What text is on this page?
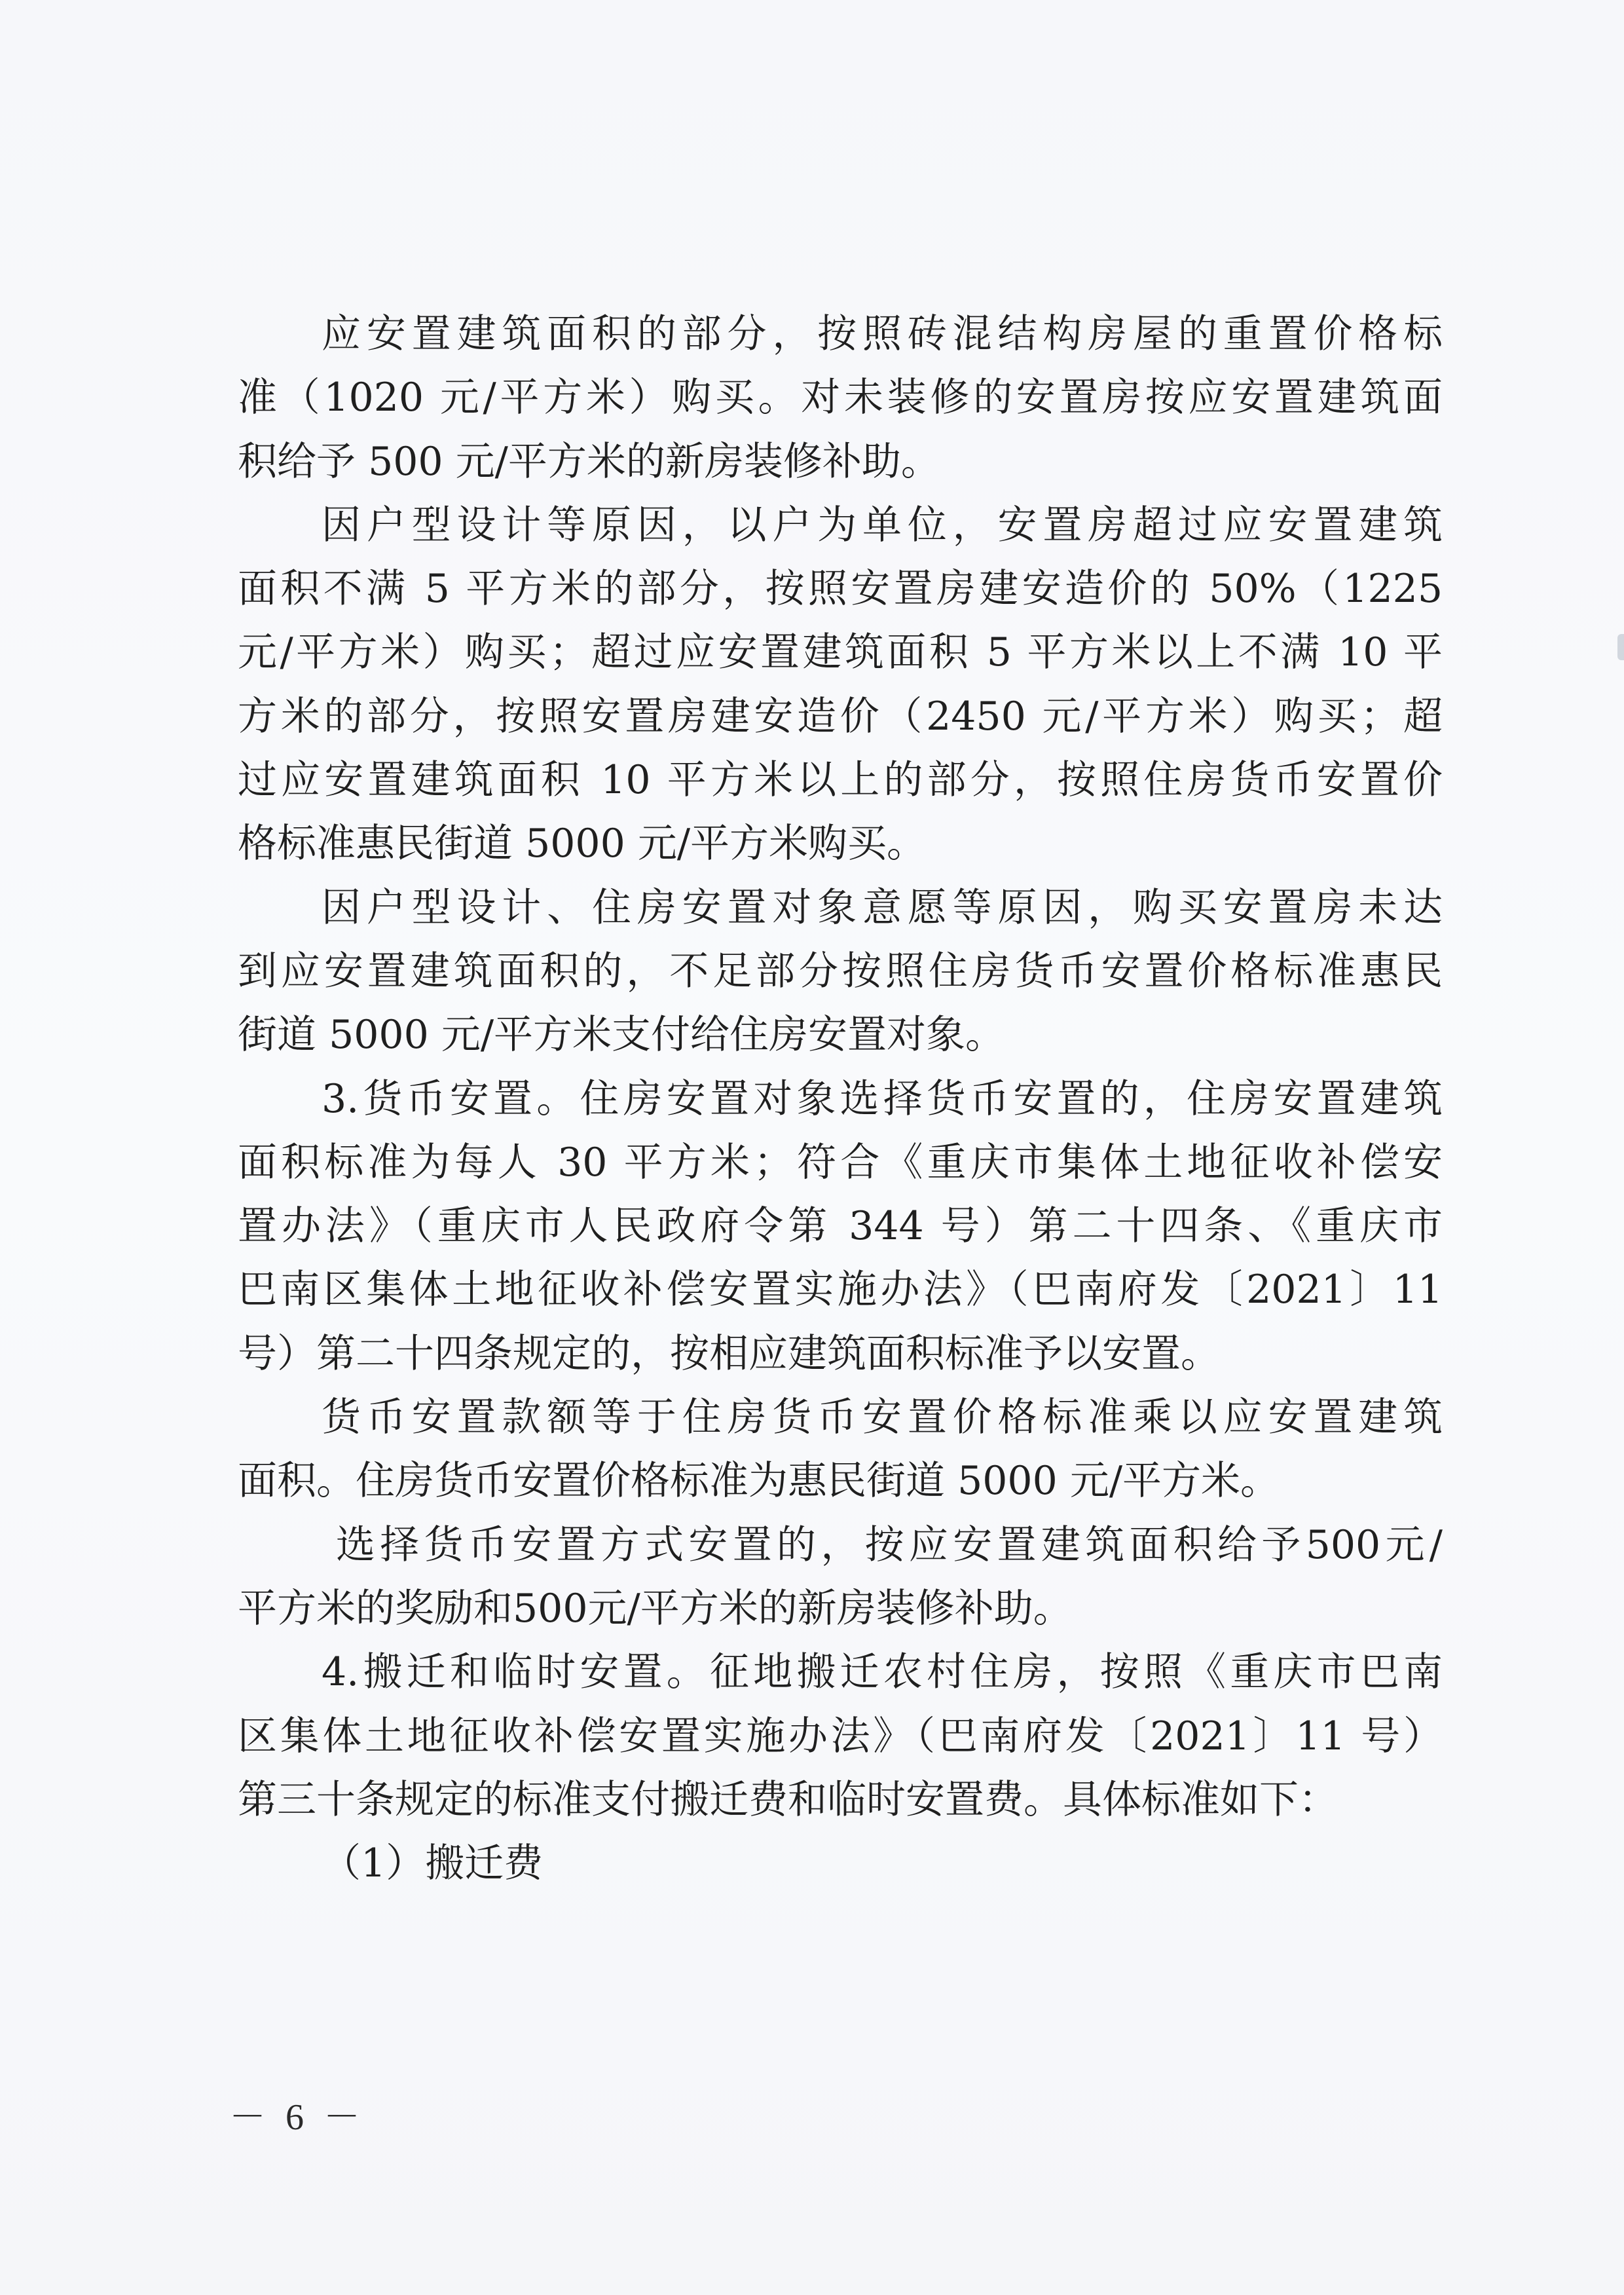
应安置建筑面积的部分，按照砖混结构房屋的重置价格标
准（1020 元/平方米）购买。对未装修的安置房按应安置建筑面
积给予 500 元/平方米的新房装修补助。
因户型设计等原因，以户为单位，安置房超过应安置建筑
面积不满 5 平方米的部分，按照安置房建安造价的 50%（1225
元/平方米）购买；超过应安置建筑面积 5 平方米以上不满 10 平
方米的部分，按照安置房建安造价（2450 元/平方米）购买；超
过应安置建筑面积 10 平方米以上的部分，按照住房货币安置价
格标准惠民街道 5000 元/平方米购买。
因户型设计、住房安置对象意愿等原因，购买安置房未达
到应安置建筑面积的，不足部分按照住房货币安置价格标准惠民
街道 5000 元/平方米支付给住房安置对象。
3.货币安置。住房安置对象选择货币安置的，住房安置建筑
面积标准为每人 30 平方米；符合《重庆市集体土地征收补偿安
置办法》（重庆市人民政府令第 344 号）第二十四条、《重庆市
巴南区集体土地征收补偿安置实施办法》（巴南府发〔2021〕11
号）第二十四条规定的，按相应建筑面积标准予以安置。
货币安置款额等于住房货币安置价格标准乘以应安置建筑
面积。住房货币安置价格标准为惠民街道 5000 元/平方米。
选择货币安置方式安置的，按应安置建筑面积给予500元/
平方米的奖励和500元/平方米的新房装修补助。
4.搬迁和临时安置。征地搬迁农村住房，按照《重庆市巴南
区集体土地征收补偿安置实施办法》（巴南府发〔2021〕11 号）
第三十条规定的标准支付搬迁费和临时安置费。具体标准如下：
（1）搬迁费
－ 6 －
